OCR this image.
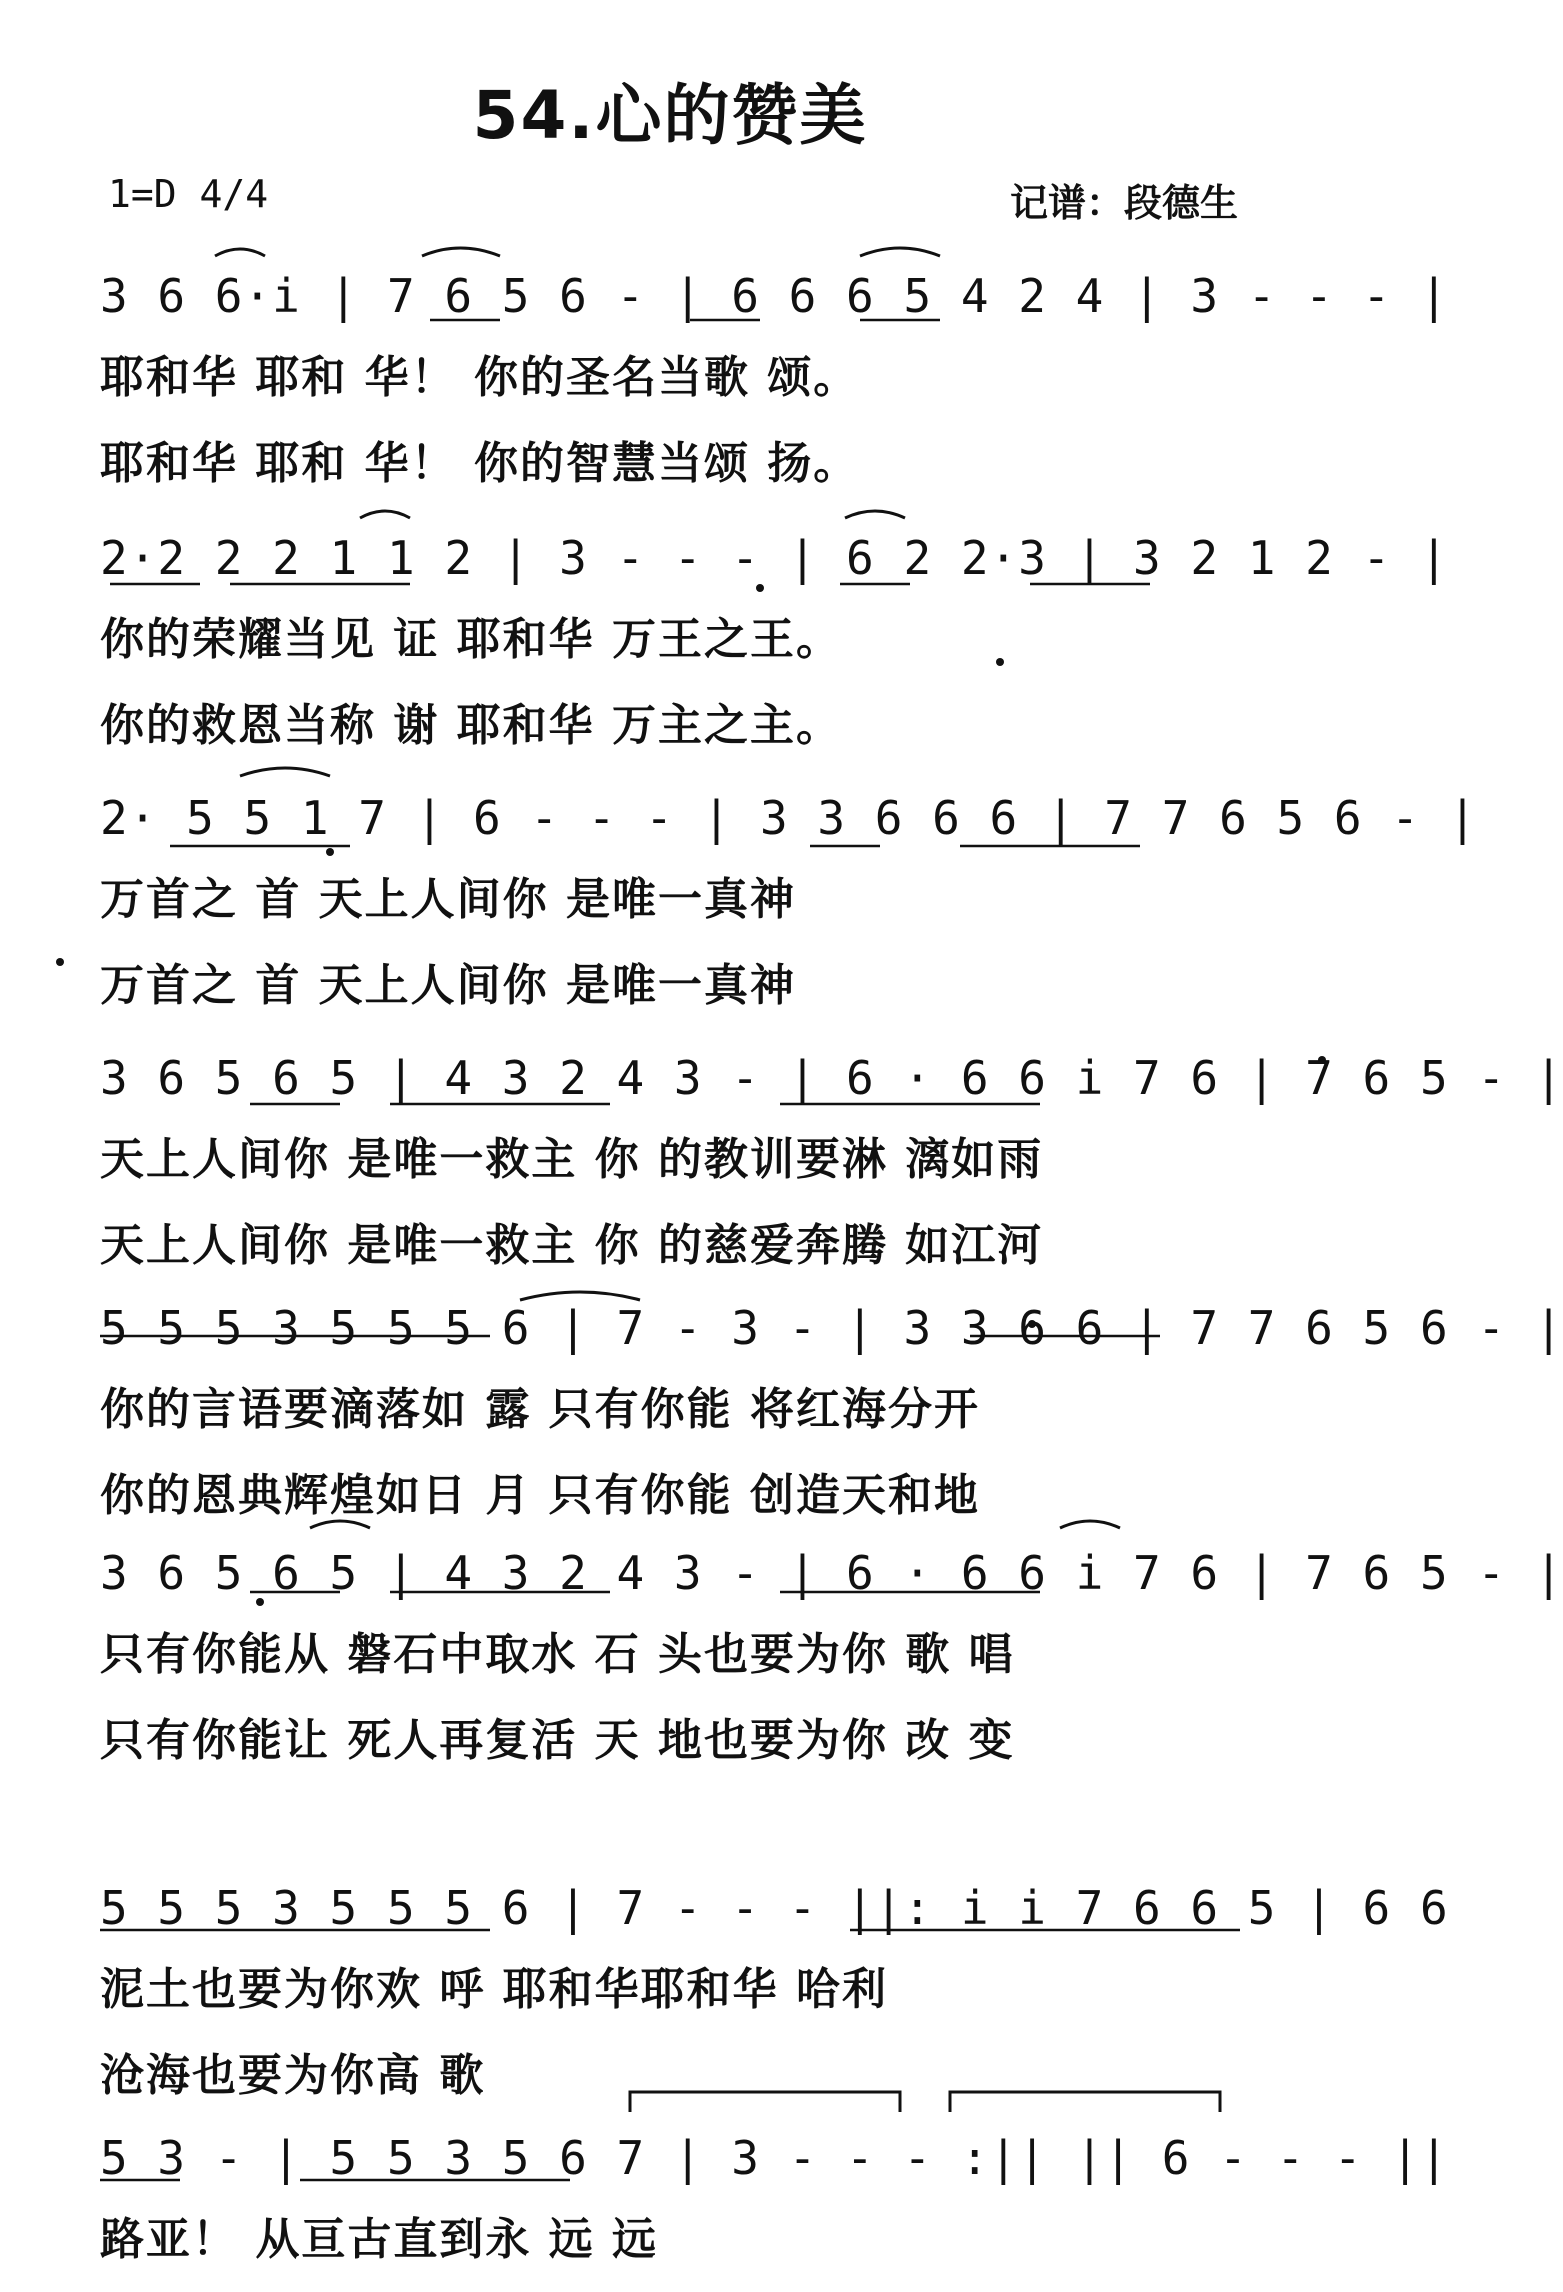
54.心的赞美
1=D 4/4	记谱：段德生
3 6 6·i | 7 6 5 6 - | 6 6 6 5 4 2 4 | 3 - - - |
耶和华 耶和 华！ 你的圣名当歌 颂。
耶和华 耶和 华！ 你的智慧当颂 扬。
2·2 2 2 1 1 2 | 3 - - - | 6 2 2·3 | 3 2 1 2 - |
你的荣耀当见 证 耶和华 万王之王。
你的救恩当称 谢 耶和华 万主之主。
2· 5 5 1 7 | 6 - - - | 3 3 6 6 6 | 7 7 6 5 6 - |
万首之 首 天上人间你 是唯一真神
万首之 首 天上人间你 是唯一真神
3 6 5 6 5 | 4 3 2 4 3 - | 6 · 6 6 i 7 6 | 7 6 5 - |
天上人间你 是唯一救主 你 的教训要淋 漓如雨
天上人间你 是唯一救主 你 的慈爱奔腾 如江河
5 5 5 3 5 5 5 6 | 7 - 3 - | 3 3 6 6 | 7 7 6 5 6 - |
你的言语要滴落如 露 只有你能 将红海分开
你的恩典辉煌如日 月 只有你能 创造天和地
3 6 5 6 5 | 4 3 2 4 3 - | 6 · 6 6 i 7 6 | 7 6 5 - |
只有你能从 磐石中取水 石 头也要为你 歌 唱
只有你能让 死人再复活 天 地也要为你 改 变
5 5 5 3 5 5 5 6 | 7 - - - ||: i i 7 6 6 5 | 6 6
泥土也要为你欢 呼 耶和华耶和华 哈利
沧海也要为你高 歌
5 3 - | 5 5 3 5 6 7 | 3 - - - :|| || 6 - - - ||
路亚！ 从亘古直到永 远 远
